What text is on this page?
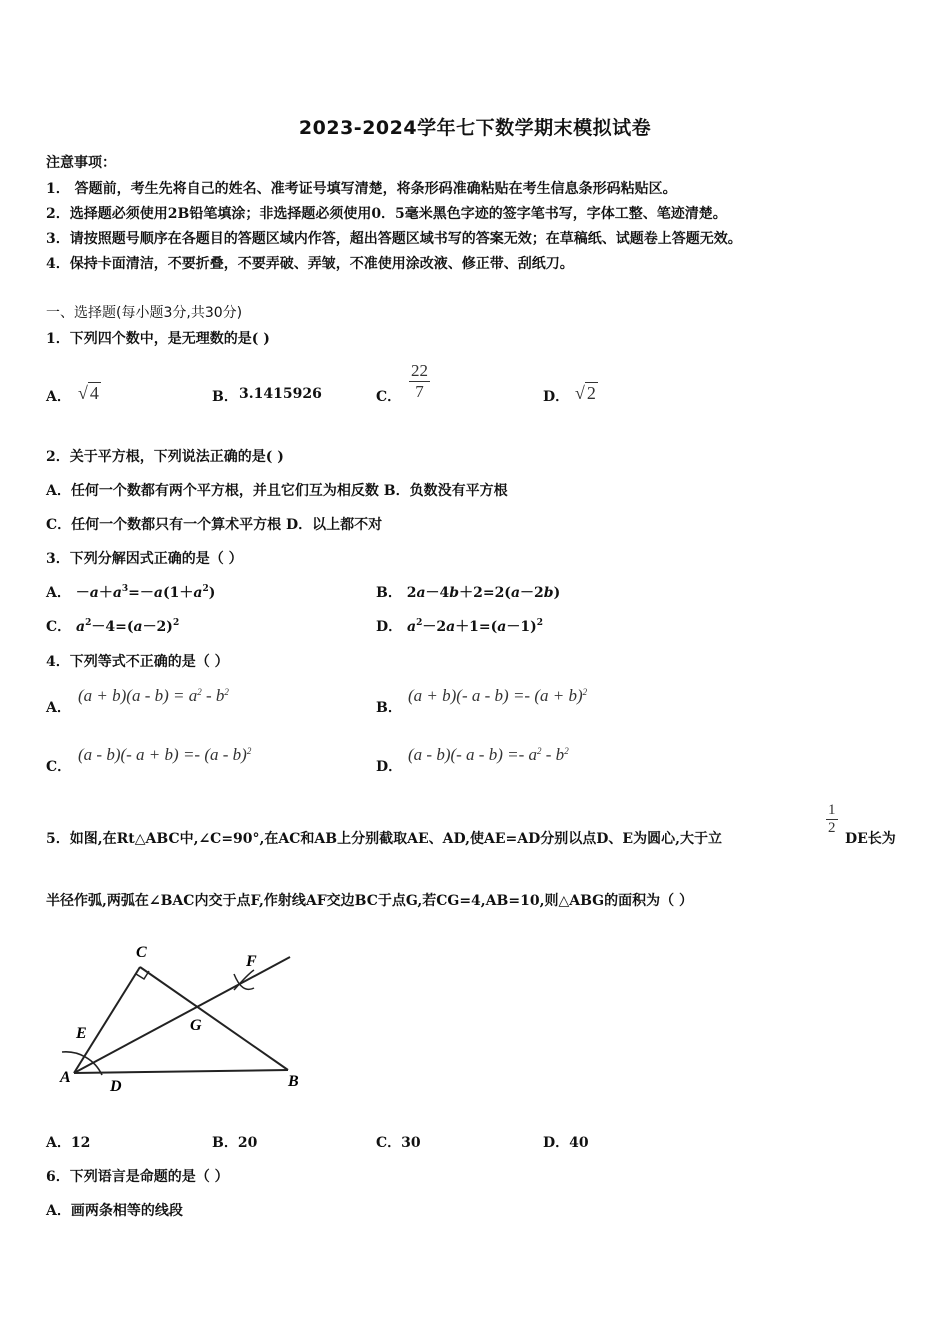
2023-2024学年七下数学期末模拟试卷
注意事项：
1． 答题前，考生先将自己的姓名、准考证号填写清楚，将条形码准确粘贴在考生信息条形码粘贴区。
2．选择题必须使用2B铅笔填涂；非选择题必须使用0．5毫米黑色字迹的签字笔书写，字体工整、笔迹清楚。
3．请按照题号顺序在各题目的答题区域内作答，超出答题区域书写的答案无效；在草稿纸、试题卷上答题无效。
4．保持卡面清洁，不要折叠，不要弄破、弄皱，不准使用涂改液、修正带、刮纸刀。
一、选择题(每小题3分,共30分)
1．下列四个数中，是无理数的是( )
A． √ 4	B． 3.1415926	C． $\frac{22}{7}$	D． √ 2
2．关于平方根，下列说法正确的是( )
A．任何一个数都有两个平方根，并且它们互为相反数 B．负数没有平方根
C．任何一个数都只有一个算术平方根 D．以上都不对
3．下列分解因式正确的是（ ）
A． $-a+a^3=-a(1+a^2)$	B． 2a－4b＋2=2(a－2b)
C． $a^2-4=(a-2)^2$	D． $a^2-2a+1=(a-1)^2$
4．下列等式不正确的是（ ）
A．
$(a + b)(a - b) = a^2 - b^2$
B．
(a + b)(- $a - b) =- (a + b)^2$
C．
(a - b)(- a + b) =- (a - b)$^2$
D．
(a - b)(- $a - b) =- a^2 - b^2$
5．如图,在Rt△ABC中,∠C=90°,在AC和AB上分别截取AE、AD,使AE=AD分别以点D、E为圆心,大于立
$\frac{1}{2}$
DE长为
半径作弧,两弧在∠BAC内交于点F,作射线AF交边BC于点G,若CG=4,AB=10,则△ABG的面积为（ ）
A	B
C
D
E
F
G
A．12	B．20	C．30	D．40
6．下列语言是命题的是（ ）
A．画两条相等的线段
